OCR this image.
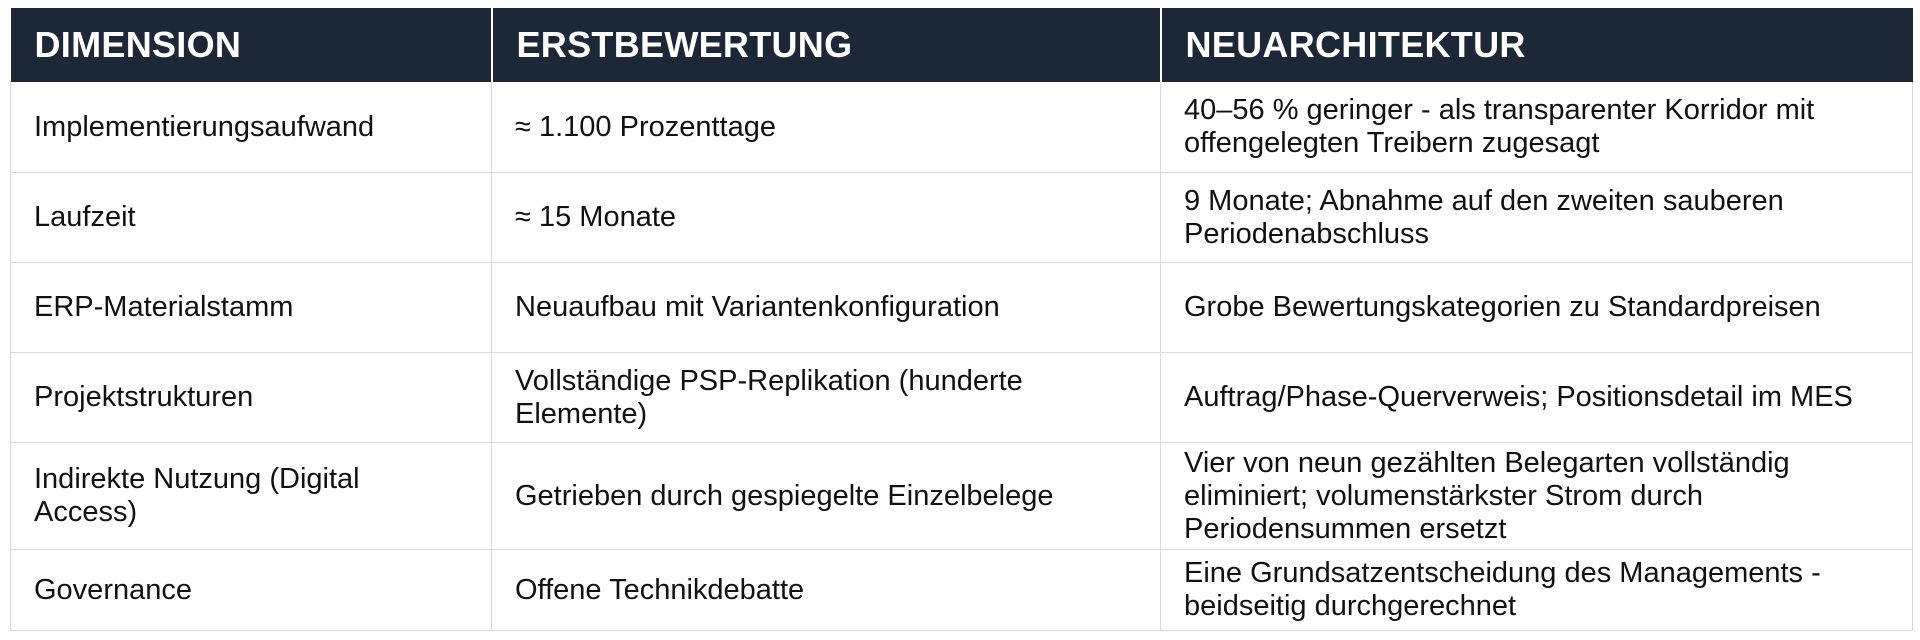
DIMENSION	ERSTBEWERTUNG	NEUARCHITEKTUR
Implementierungsaufwand	≈ 1.100 Prozenttage	40–56 % geringer - als transparenter Korridor mit offengelegten Treibern zugesagt
Laufzeit	≈ 15 Monate	9 Monate; Abnahme auf den zweiten sauberen Periodenabschluss
ERP-Materialstamm	Neuaufbau mit Variantenkonfiguration	Grobe Bewertungskategorien zu Standardpreisen
Projektstrukturen	Vollständige PSP-Replikation (hunderte Elemente)	Auftrag/Phase-Querverweis; Positionsdetail im MES
Indirekte Nutzung (Digital Access)	Getrieben durch gespiegelte Einzelbelege	Vier von neun gezählten Belegarten vollständig eliminiert; volumenstärkster Strom durch Periodensummen ersetzt
Governance	Offene Technikdebatte	Eine Grundsatzentscheidung des Managements - beidseitig durchgerechnet
